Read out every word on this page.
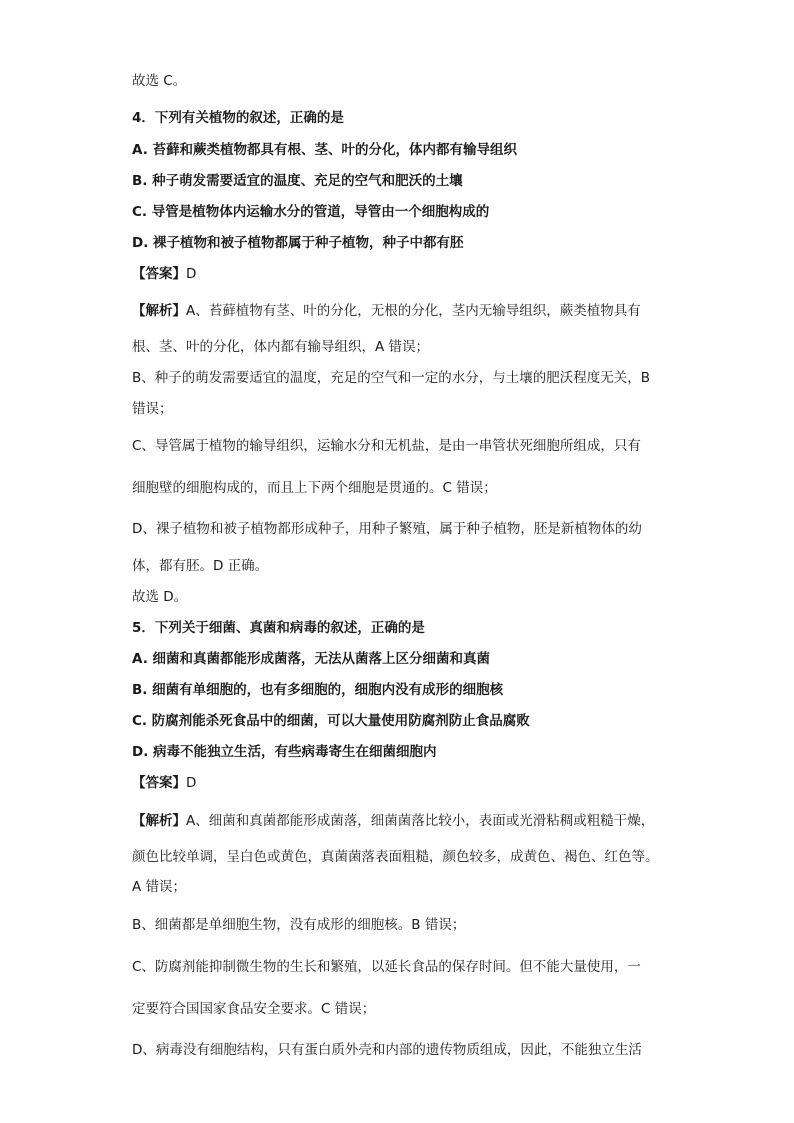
故选 C。
4．下列有关植物的叙述，正确的是
A. 苔藓和蕨类植物都具有根、茎、叶的分化，体内都有输导组织
B. 种子萌发需要适宜的温度、充足的空气和肥沃的土壤
C. 导管是植物体内运输水分的管道，导管由一个细胞构成的
D. 裸子植物和被子植物都属于种子植物，种子中都有胚
【答案】D
【解析】A、苔藓植物有茎、叶的分化，无根的分化，茎内无输导组织，蕨类植物具有
根、茎、叶的分化，体内都有输导组织，A 错误；
B、种子的萌发需要适宜的温度，充足的空气和一定的水分，与土壤的肥沃程度无关，B
错误；
C、导管属于植物的输导组织，运输水分和无机盐，是由一串管状死细胞所组成，只有
细胞壁的细胞构成的，而且上下两个细胞是贯通的。C 错误；
D、裸子植物和被子植物都形成种子，用种子繁殖，属于种子植物，胚是新植物体的幼
体，都有胚。D 正确。
故选 D。
5．下列关于细菌、真菌和病毒的叙述，正确的是
A. 细菌和真菌都能形成菌落，无法从菌落上区分细菌和真菌
B. 细菌有单细胞的，也有多细胞的，细胞内没有成形的细胞核
C. 防腐剂能杀死食品中的细菌，可以大量使用防腐剂防止食品腐败
D. 病毒不能独立生活，有些病毒寄生在细菌细胞内
【答案】D
【解析】A、细菌和真菌都能形成菌落，细菌菌落比较小，表面或光滑粘稠或粗糙干燥，
颜色比较单调，呈白色或黄色，真菌菌落表面粗糙，颜色较多，成黄色、褐色、红色等。
A 错误；
B、细菌都是单细胞生物，没有成形的细胞核。B 错误；
C、防腐剂能抑制微生物的生长和繁殖，以延长食品的保存时间。但不能大量使用，一
定要符合国国家食品安全要求。C 错误；
D、病毒没有细胞结构，只有蛋白质外壳和内部的遗传物质组成，因此，不能独立生活
